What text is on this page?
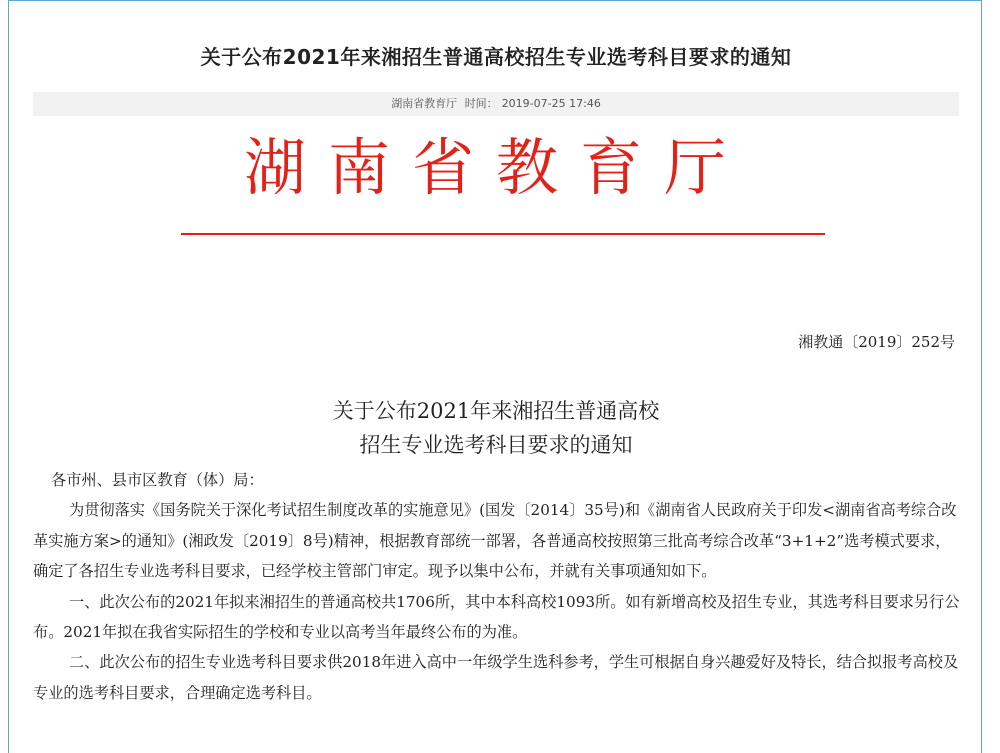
关于公布2021年来湘招生普通高校招生专业选考科目要求的通知
湖南省教育厅 时间： 2019-07-25 17:46
湖南省教育厅
湘教通〔2019〕252号
关于公布2021年来湘招生普通高校
招生专业选考科目要求的通知

各市州、县市区教育（体）局：

为贯彻落实《国务院关于深化考试招生制度改革的实施意见》(国发〔2014〕35号)和《湖南省人民政府关于印发<湖南省高考综合改革实施方案>的通知》(湘政发〔2019〕8号)精神，根据教育部统一部署，各普通高校按照第三批高考综合改革“3+1+2”选考模式要求，确定了各招生专业选考科目要求，已经学校主管部门审定。现予以集中公布，并就有关事项通知如下。

一、此次公布的2021年拟来湘招生的普通高校共1706所，其中本科高校1093所。如有新增高校及招生专业，其选考科目要求另行公布。2021年拟在我省实际招生的学校和专业以高考当年最终公布的为准。

二、此次公布的招生专业选考科目要求供2018年进入高中一年级学生选科参考，学生可根据自身兴趣爱好及特长，结合拟报考高校及专业的选考科目要求，合理确定选考科目。
